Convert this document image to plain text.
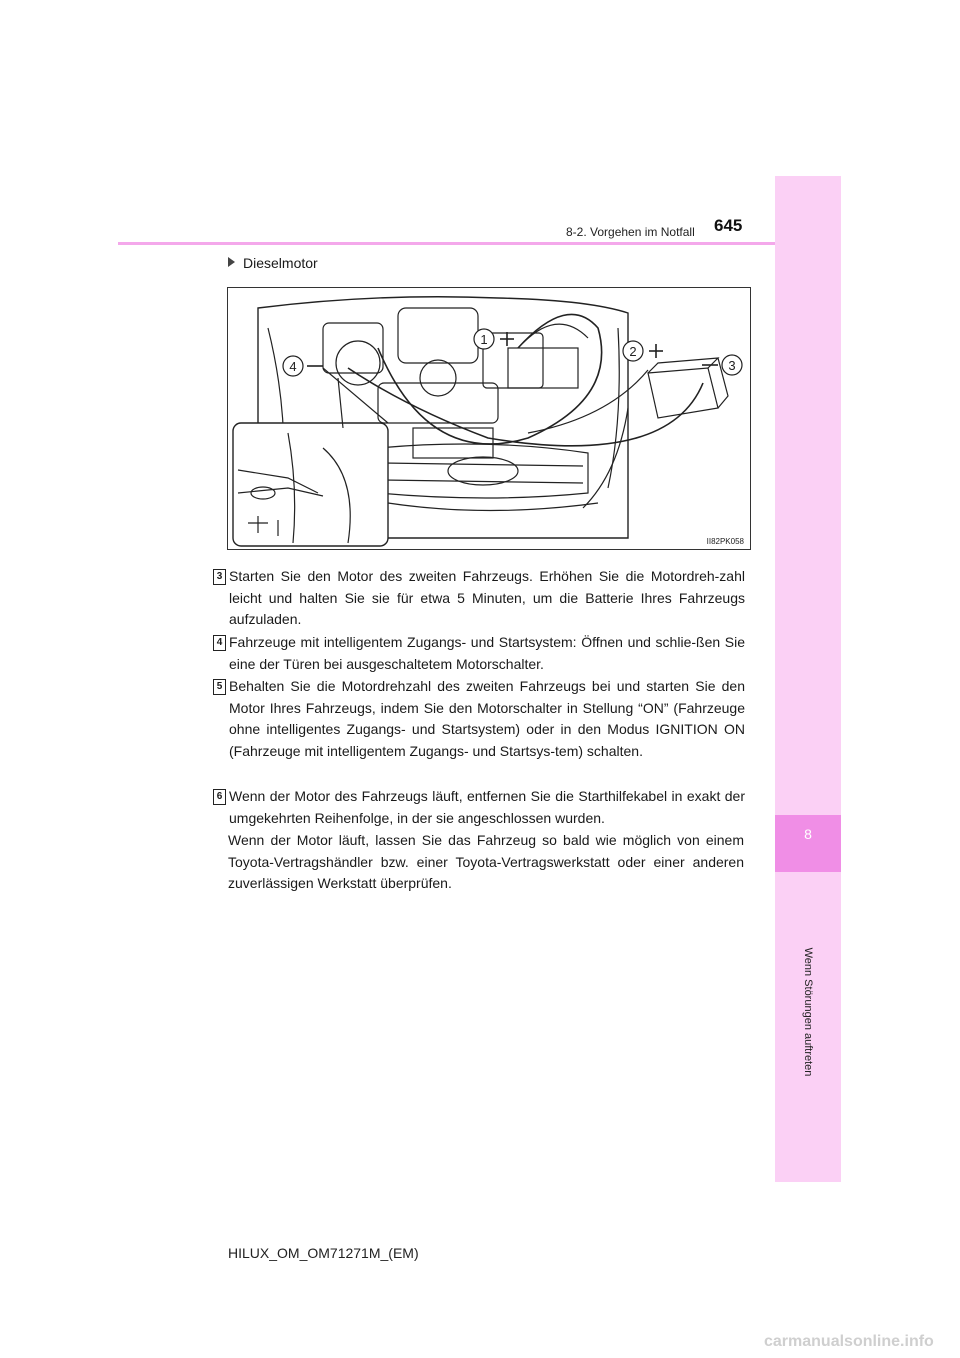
8
Wenn Störungen auftreten
8-2. Vorgehen im Notfall 645
Dieselmotor
1
2
3
4
II82PK058
3 Starten Sie den Motor des zweiten Fahrzeugs. Erhöhen Sie die Motordreh-zahl leicht und halten Sie sie für etwa 5 Minuten, um die Batterie Ihres Fahrzeugs aufzuladen.
4 Fahrzeuge mit intelligentem Zugangs- und Startsystem: Öffnen und schlie-ßen Sie eine der Türen bei ausgeschaltetem Motorschalter.
5 Behalten Sie die Motordrehzahl des zweiten Fahrzeugs bei und starten Sie den Motor Ihres Fahrzeugs, indem Sie den Motorschalter in Stellung “ON” (Fahrzeuge ohne intelligentes Zugangs- und Startsystem) oder in den Modus IGNITION ON (Fahrzeuge mit intelligentem Zugangs- und Startsys-tem) schalten.
6 Wenn der Motor des Fahrzeugs läuft, entfernen Sie die Starthilfekabel in exakt der umgekehrten Reihenfolge, in der sie angeschlossen wurden.
Wenn der Motor läuft, lassen Sie das Fahrzeug so bald wie möglich von einem Toyota-Vertragshändler bzw. einer Toyota-Vertragswerkstatt oder einer anderen zuverlässigen Werkstatt überprüfen.
HILUX_OM_OM71271M_(EM)
carmanualsonline.info
